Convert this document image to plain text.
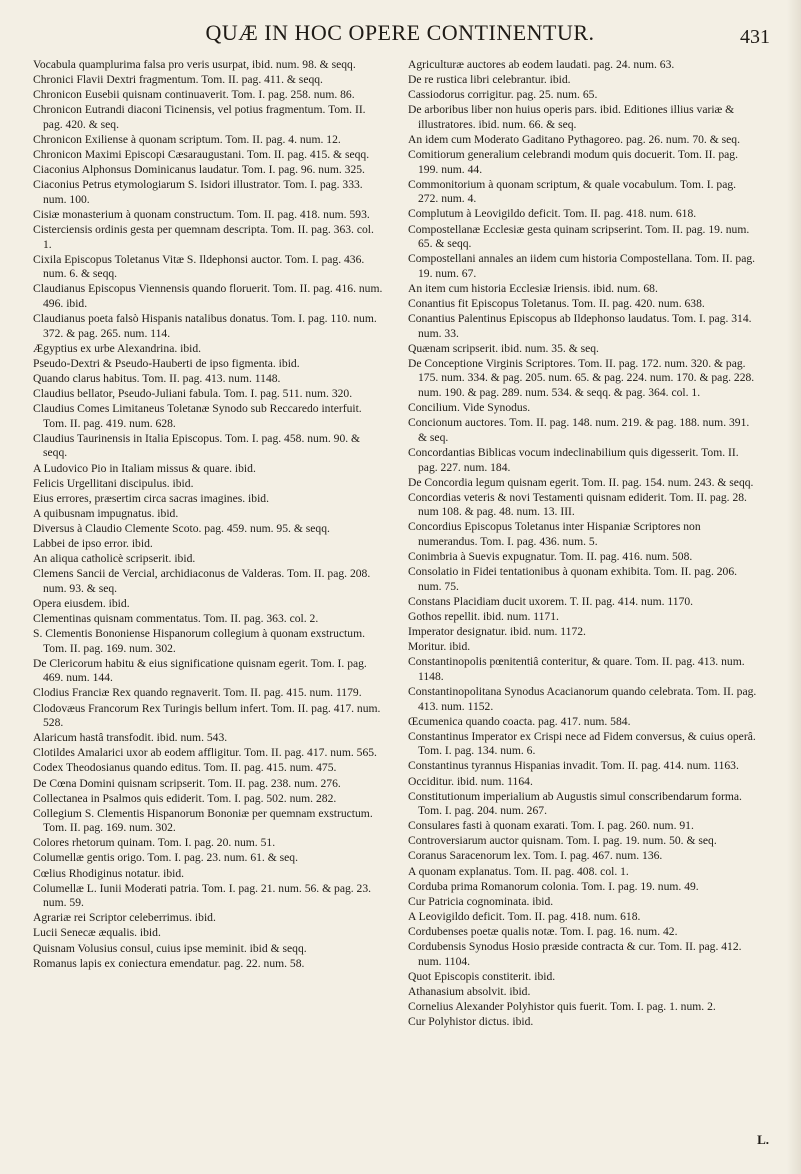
QUÆ IN HOC OPERE CONTINENTUR.	431
Vocabula quamplurima falsa pro veris usurpat, ibid. num. 98. & seqq.
Chronici Flavii Dextri fragmentum. Tom. II. pag. 411. & seqq.
Chronicon Eusebii quisnam continuaverit. Tom. I. pag. 258. num. 86.
Chronicon Eutrandi diaconi Ticinensis, vel potius fragmentum. Tom. II. pag. 420. & seq.
Chronicon Exiliense à quonam scriptum. Tom. II. pag. 4. num. 12.
Chronicon Maximi Episcopi Cæsaraugustani. Tom. II. pag. 415. & seqq.
Ciaconius Alphonsus Dominicanus laudatur. Tom. I. pag. 96. num. 325.
Ciaconius Petrus etymologiarum S. Isidori illustrator. Tom. I. pag. 333. num. 100.
Cisiæ monasterium à quonam constructum. Tom. II. pag. 418. num. 593.
Cisterciensis ordinis gesta per quemnam descripta. Tom. II. pag. 363. col. 1.
Cixila Episcopus Toletanus Vitæ S. Ildephonsi auctor. Tom. I. pag. 436. num. 6. & seqq.
Claudianus Episcopus Viennensis quando floruerit. Tom. II. pag. 416. num. 496. ibid.
Claudianus poeta falsò Hispanis natalibus donatus. Tom. I. pag. 110. num. 372. & pag. 265. num. 114.
Ægyptius ex urbe Alexandrina. ibid.
Pseudo-Dextri & Pseudo-Hauberti de ipso figmenta. ibid.
Quando clarus habitus. Tom. II. pag. 413. num. 1148.
Claudius bellator, Pseudo-Juliani fabula. Tom. I. pag. 511. num. 320.
Claudius Comes Limitaneus Toletanæ Synodo sub Reccaredo interfuit. Tom. II. pag. 419. num. 628.
Claudius Taurinensis in Italia Episcopus. Tom. I. pag. 458. num. 90. & seqq.
A Ludovico Pio in Italiam missus & quare. ibid.
Felicis Urgellitani discipulus. ibid.
Eius errores, præsertim circa sacras imagines. ibid.
A quibusnam impugnatus. ibid.
Diversus à Claudio Clemente Scoto. pag. 459. num. 95. & seqq.
Labbei de ipso error. ibid.
An aliqua catholicè scripserit. ibid.
Clemens Sancii de Vercial, archidiaconus de Valderas. Tom. II. pag. 208. num. 93. & seq.
Opera eiusdem. ibid.
Clementinas quisnam commentatus. Tom. II. pag. 363. col. 2.
S. Clementis Bononiense Hispanorum collegium à quonam exstructum. Tom. II. pag. 169. num. 302.
De Clericorum habitu & eius significatione quisnam egerit. Tom. I. pag. 469. num. 144.
Clodius Franciæ Rex quando regnaverit. Tom. II. pag. 415. num. 1179.
Clodovæus Francorum Rex Turingis bellum infert. Tom. II. pag. 417. num. 528.
Alaricum hastâ transfodit. ibid. num. 543.
Clotildes Amalarici uxor ab eodem affligitur. Tom. II. pag. 417. num. 565.
Codex Theodosianus quando editus. Tom. II. pag. 415. num. 475.
De Cœna Domini quisnam scripserit. Tom. II. pag. 238. num. 276.
Collectanea in Psalmos quis ediderit. Tom. I. pag. 502. num. 282.
Collegium S. Clementis Hispanorum Bononiæ per quemnam exstructum. Tom. II. pag. 169. num. 302.
Colores rhetorum quinam. Tom. I. pag. 20. num. 51.
Columellæ gentis origo. Tom. I. pag. 23. num. 61. & seq.
Cœlius Rhodiginus notatur. ibid.
Columellæ L. Iunii Moderati patria. Tom. I. pag. 21. num. 56. & pag. 23. num. 59.
Agrariæ rei Scriptor celeberrimus. ibid.
Lucii Senecæ æqualis. ibid.
Quisnam Volusius consul, cuius ipse meminit. ibid & seqq.
Romanus lapis ex coniectura emendatur. pag. 22. num. 58.
Agriculturæ auctores ab eodem laudati. pag. 24. num. 63.
De re rustica libri celebrantur. ibid.
Cassiodorus corrigitur. pag. 25. num. 65.
De arboribus liber non huius operis pars. ibid. Editiones illius variæ & illustratores. ibid. num. 66. & seq.
An idem cum Moderato Gaditano Pythagoreo. pag. 26. num. 70. & seq.
Comitiorum generalium celebrandi modum quis docuerit. Tom. II. pag. 199. num. 44.
Commonitorium à quonam scriptum, & quale vocabulum. Tom. I. pag. 272. num. 4.
Complutum à Leovigildo deficit. Tom. II. pag. 418. num. 618.
Compostellanæ Ecclesiæ gesta quinam scripserint. Tom. II. pag. 19. num. 65. & seqq.
Compostellani annales an iidem cum historia Compostellana. Tom. II. pag. 19. num. 67.
An item cum historia Ecclesiæ Iriensis. ibid. num. 68.
Conantius fit Episcopus Toletanus. Tom. II. pag. 420. num. 638.
Conantius Palentinus Episcopus ab Ildephonso laudatus. Tom. I. pag. 314. num. 33.
Quænam scripserit. ibid. num. 35. & seq.
De Conceptione Virginis Scriptores. Tom. II. pag. 172. num. 320. & pag. 175. num. 334. & pag. 205. num. 65. & pag. 224. num. 170. & pag. 228. num. 190. & pag. 289. num. 534. & seqq. & pag. 364. col. 1.
Concilium. Vide Synodus.
Concionum auctores. Tom. II. pag. 148. num. 219. & pag. 188. num. 391. & seq.
Concordantias Biblicas vocum indeclinabilium quis digesserit. Tom. II. pag. 227. num. 184.
De Concordia legum quisnam egerit. Tom. II. pag. 154. num. 243. & seqq.
Concordias veteris & novi Testamenti quisnam ediderit. Tom. II. pag. 28. num 108. & pag. 48. num. 13. III.
Concordius Episcopus Toletanus inter Hispaniæ Scriptores non numerandus. Tom. I. pag. 436. num. 5.
Conimbria à Suevis expugnatur. Tom. II. pag. 416. num. 508.
Consolatio in Fidei tentationibus à quonam exhibita. Tom. II. pag. 206. num. 75.
Constans Placidiam ducit uxorem. T. II. pag. 414. num. 1170.
Gothos repellit. ibid. num. 1171.
Imperator designatur. ibid. num. 1172.
Moritur. ibid.
Constantinopolis pœnitentiâ conteritur, & quare. Tom. II. pag. 413. num. 1148.
Constantinopolitana Synodus Acacianorum quando celebrata. Tom. II. pag. 413. num. 1152.
Œcumenica quando coacta. pag. 417. num. 584.
Constantinus Imperator ex Crispi nece ad Fidem conversus, & cuius operâ. Tom. I. pag. 134. num. 6.
Constantinus tyrannus Hispanias invadit. Tom. II. pag. 414. num. 1163.
Occiditur. ibid. num. 1164.
Constitutionum imperialium ab Augustis simul conscribendarum forma. Tom. I. pag. 204. num. 267.
Consulares fasti à quonam exarati. Tom. I. pag. 260. num. 91.
Controversiarum auctor quisnam. Tom. I. pag. 19. num. 50. & seq.
Coranus Saracenorum lex. Tom. I. pag. 467. num. 136.
A quonam explanatus. Tom. II. pag. 408. col. 1.
Corduba prima Romanorum colonia. Tom. I. pag. 19. num. 49.
Cur Patricia cognominata. ibid.
A Leovigildo deficit. Tom. II. pag. 418. num. 618.
Cordubenses poetæ qualis notæ. Tom. I. pag. 16. num. 42.
Cordubensis Synodus Hosio præside contracta & cur. Tom. II. pag. 412. num. 1104.
Quot Episcopis constiterit. ibid.
Athanasium absolvit. ibid.
Cornelius Alexander Polyhistor quis fuerit. Tom. I. pag. 1. num. 2.
Cur Polyhistor dictus. ibid.
L.
